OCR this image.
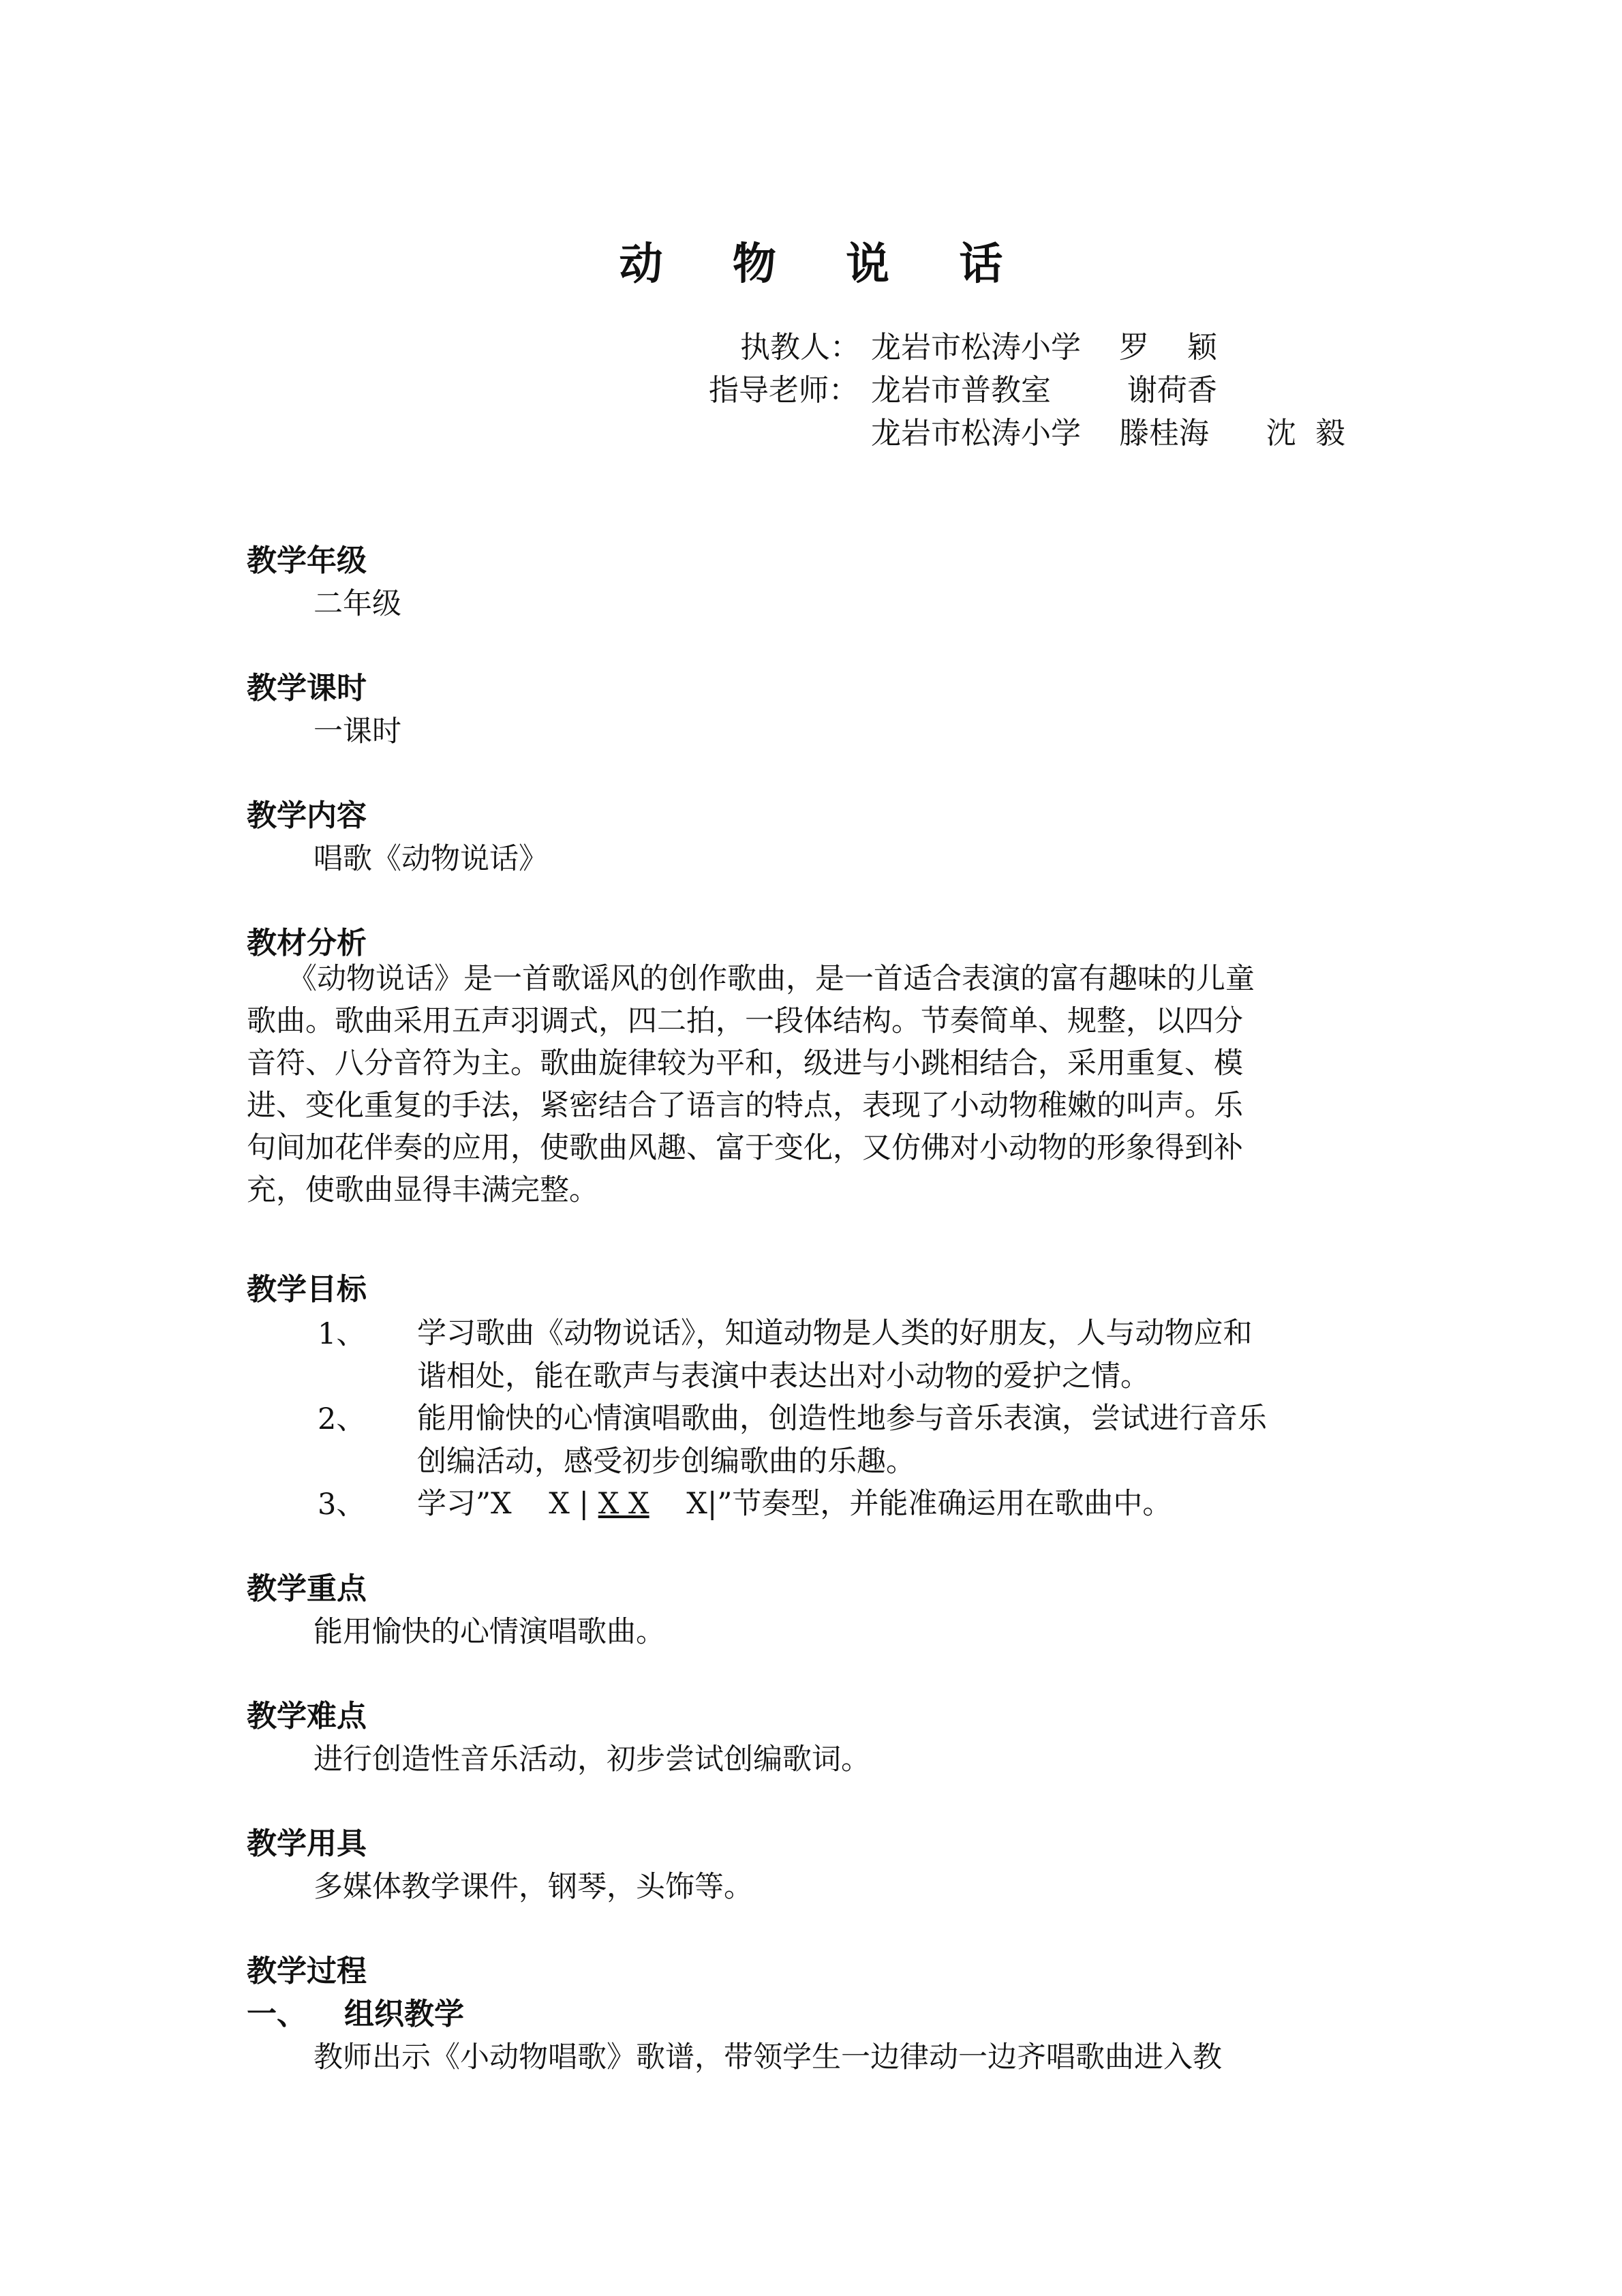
动 物 说 话
执教人： 龙岩市松涛小学    罗    颖
指导老师： 龙岩市普教室        谢荷香
龙岩市松涛小学    滕桂海      沈  毅
教学年级
二年级
教学课时
一课时
教学内容
唱歌《动物说话》
教材分析
《动物说话》是一首歌谣风的创作歌曲，是一首适合表演的富有趣味的儿童
歌曲。歌曲采用五声羽调式，四二拍，一段体结构。节奏简单、规整，以四分
音符、八分音符为主。歌曲旋律较为平和，级进与小跳相结合，采用重复、模
进、变化重复的手法，紧密结合了语言的特点，表现了小动物稚嫩的叫声。乐
句间加花伴奏的应用，使歌曲风趣、富于变化，又仿佛对小动物的形象得到补
充，使歌曲显得丰满完整。
教学目标
1、 学习歌曲《动物说话》，知道动物是人类的好朋友，人与动物应和
谐相处，能在歌声与表演中表达出对小动物的爱护之情。
2、 能用愉快的心情演唱歌曲，创造性地参与音乐表演，尝试进行音乐
创编活动，感受初步创编歌曲的乐趣。
3、 学习”X    X | X X    X|”节奏型，并能准确运用在歌曲中。
教学重点
能用愉快的心情演唱歌曲。
教学难点
进行创造性音乐活动，初步尝试创编歌词。
教学用具
多媒体教学课件，钢琴，头饰等。
教学过程
一、 组织教学
教师出示《小动物唱歌》歌谱，带领学生一边律动一边齐唱歌曲进入教
